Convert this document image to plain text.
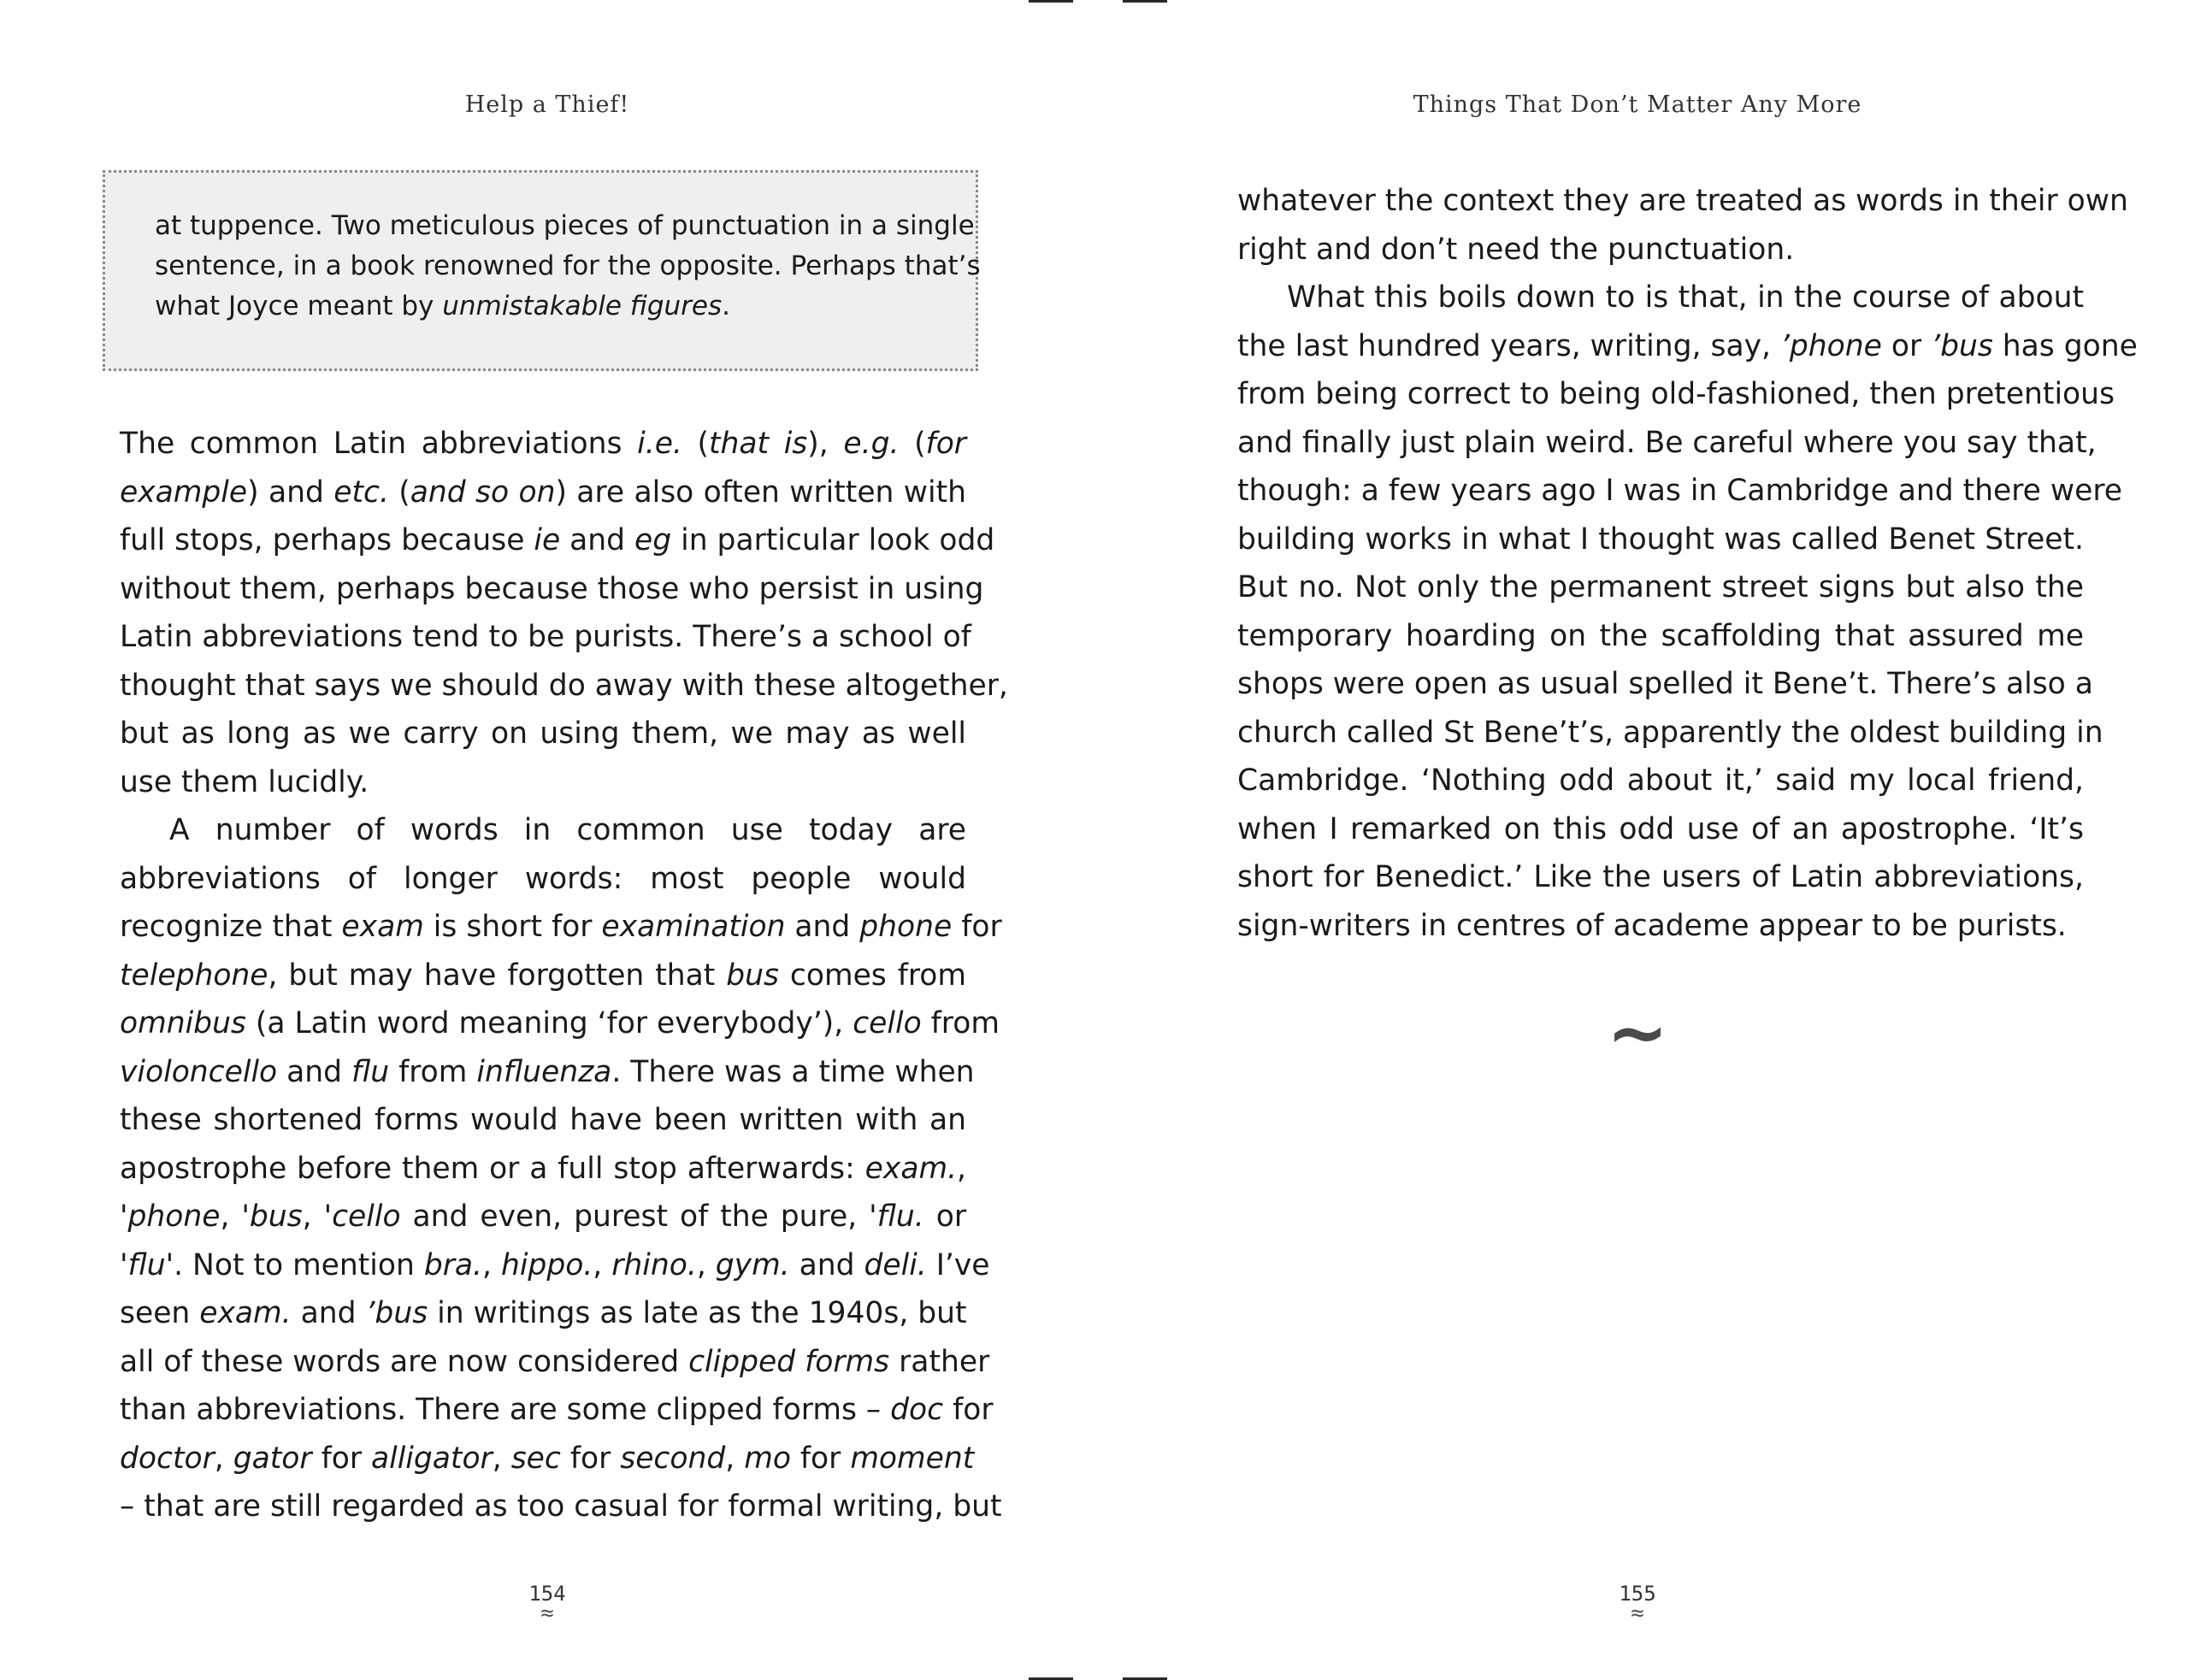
Help a Thief!
at tuppence. Two meticulous pieces of punctuation in a single
sentence, in a book renowned for the opposite. Perhaps that’s
what Joyce meant by unmistakable figures.
The common Latin abbreviations i.e. (that is), e.g. (for
example) and etc. (and so on) are also often written with
full stops, perhaps because ie and eg in particular look odd
without them, perhaps because those who persist in using
Latin abbreviations tend to be purists. There’s a school of
thought that says we should do away with these altogether,
but as long as we carry on using them, we may as well
use them lucidly.
A number of words in common use today are
abbreviations of longer words: most people would
recognize that exam is short for examination and phone for
telephone, but may have forgotten that bus comes from
omnibus (a Latin word meaning ‘for everybody’), cello from
violoncello and flu from influenza. There was a time when
these shortened forms would have been written with an
apostrophe before them or a full stop afterwards: exam.,
'phone, 'bus, 'cello and even, purest of the pure, 'flu. or
'flu'. Not to mention bra., hippo., rhino., gym. and deli. I’ve
seen exam. and ’bus in writings as late as the 1940s, but
all of these words are now considered clipped forms rather
than abbreviations. There are some clipped forms – doc for
doctor, gator for alligator, sec for second, mo for moment
– that are still regarded as too casual for formal writing, but
154
≈
Things That Don’t Matter Any More
whatever the context they are treated as words in their own
right and don’t need the punctuation.
What this boils down to is that, in the course of about
the last hundred years, writing, say, ’phone or ’bus has gone
from being correct to being old-fashioned, then pretentious
and finally just plain weird. Be careful where you say that,
though: a few years ago I was in Cambridge and there were
building works in what I thought was called Benet Street.
But no. Not only the permanent street signs but also the
temporary hoarding on the scaffolding that assured me
shops were open as usual spelled it Bene’t. There’s also a
church called St Bene’t’s, apparently the oldest building in
Cambridge. ‘Nothing odd about it,’ said my local friend,
when I remarked on this odd use of an apostrophe. ‘It’s
short for Benedict.’ Like the users of Latin abbreviations,
sign-writers in centres of academe appear to be purists.
~
155
≈
